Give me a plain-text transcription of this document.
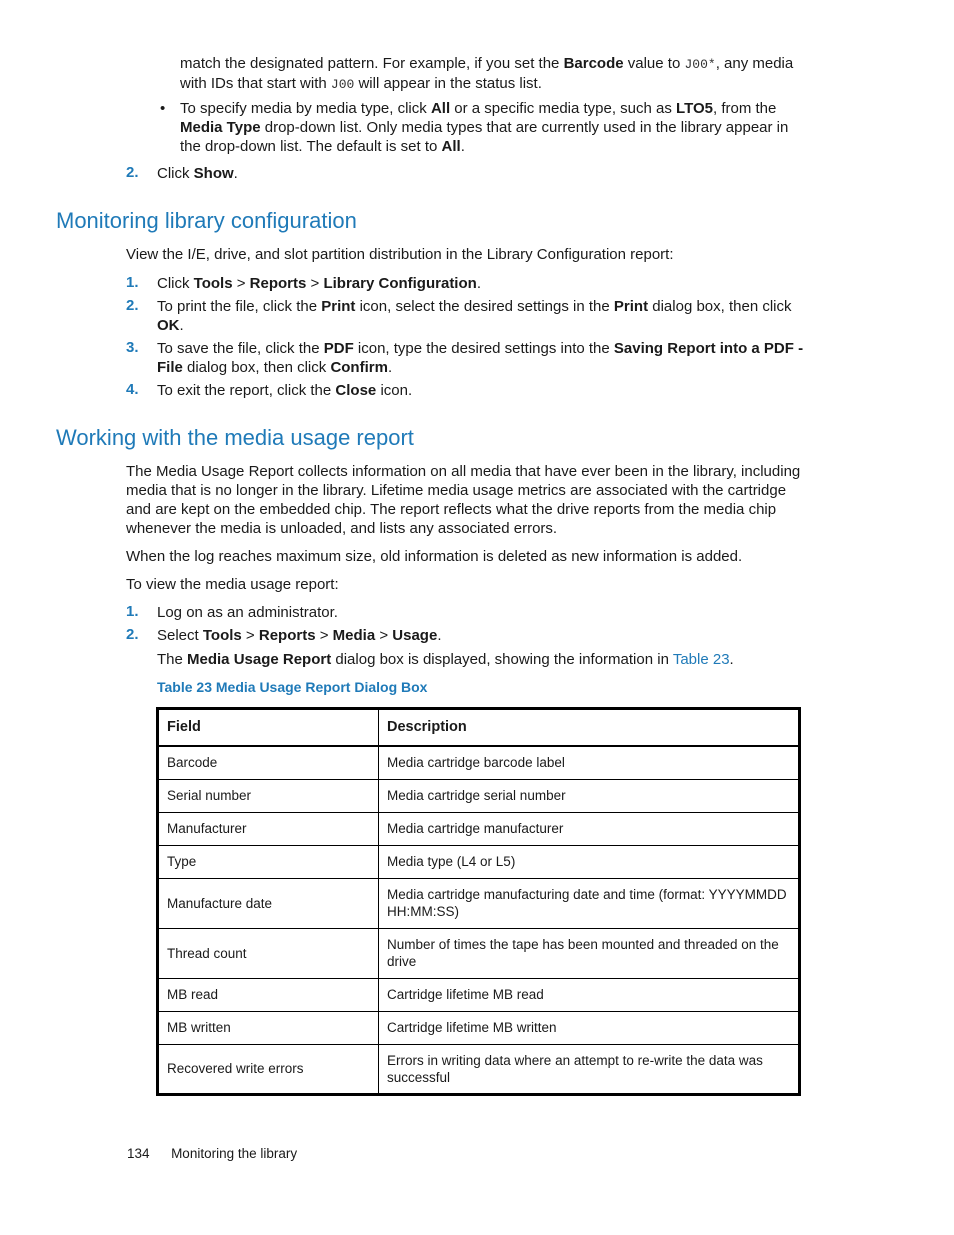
match the designated pattern. For example, if you set the Barcode value to J00*, any media
with IDs that start with J00 will appear in the status list.
• To specify media by media type, click All or a specific media type, such as LTO5, from the
Media Type drop-down list. Only media types that are currently used in the library appear in
the drop-down list. The default is set to All.
2. Click Show.
Monitoring library configuration
View the I/E, drive, and slot partition distribution in the Library Configuration report:
1. Click Tools > Reports > Library Configuration.
2. To print the file, click the Print icon, select the desired settings in the Print dialog box, then click
OK.
3. To save the file, click the PDF icon, type the desired settings into the Saving Report into a PDF -
File dialog box, then click Confirm.
4. To exit the report, click the Close icon.
Working with the media usage report
The Media Usage Report collects information on all media that have ever been in the library, including
media that is no longer in the library. Lifetime media usage metrics are associated with the cartridge
and are kept on the embedded chip. The report reflects what the drive reports from the media chip
whenever the media is unloaded, and lists any associated errors.
When the log reaches maximum size, old information is deleted as new information is added.
To view the media usage report:
1. Log on as an administrator.
2. Select Tools > Reports > Media > Usage.
The Media Usage Report dialog box is displayed, showing the information in Table 23.
Table 23 Media Usage Report Dialog Box
Field	Description
Barcode	Media cartridge barcode label
Serial number	Media cartridge serial number
Manufacturer	Media cartridge manufacturer
Type	Media type (L4 or L5)
Manufacture date	Media cartridge manufacturing date and time (format: YYYYMMDD HH:MM:SS)
Thread count	Number of times the tape has been mounted and threaded on the drive
MB read	Cartridge lifetime MB read
MB written	Cartridge lifetime MB written
Recovered write errors	Errors in writing data where an attempt to re-write the data was successful
134 Monitoring the library
